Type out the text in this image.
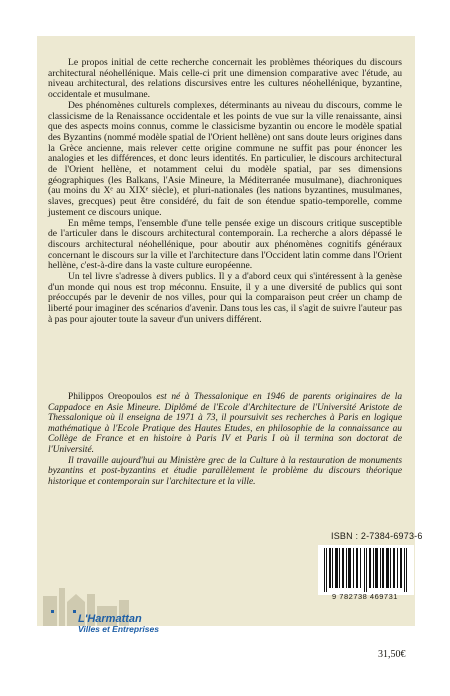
Le propos initial de cette recherche concernait les problèmes théoriques du discours architectural néohellénique. Mais celle-ci prit une dimension comparative avec l'étude, au niveau architectural, des relations discursives entre les cultures néohellénique, byzantine, occidentale et musulmane.

Des phénomènes culturels complexes, déterminants au niveau du discours, comme le classicisme de la Renaissance occidentale et les points de vue sur la ville renaissante, ainsi que des aspects moins connus, comme le classicisme byzantin ou encore le modèle spatial des Byzantins (nommé modèle spatial de l'Orient hellène) ont sans doute leurs origines dans la Grèce ancienne, mais relever cette origine commune ne suffit pas pour énoncer les analogies et les différences, et donc leurs identités. En particulier, le discours architectural de l'Orient hellène, et notamment celui du modèle spatial, par ses dimensions géographiques (les Balkans, l'Asie Mineure, la Méditerranée musulmane), diachroniques (au moins du Xᵉ au XIXᵉ siècle), et pluri-nationales (les nations byzantines, musulmanes, slaves, grecques) peut être considéré, du fait de son étendue spatio-temporelle, comme justement ce discours unique.

En même temps, l'ensemble d'une telle pensée exige un discours critique susceptible de l'articuler dans le discours architectural contemporain. La recherche a alors dépassé le discours architectural néohellénique, pour aboutir aux phénomènes cognitifs généraux concernant le discours sur la ville et l'architecture dans l'Occident latin comme dans l'Orient hellène, c'est-à-dire dans la vaste culture européenne.

Un tel livre s'adresse à divers publics. Il y a d'abord ceux qui s'intéressent à la genèse d'un monde qui nous est trop méconnu. Ensuite, il y a une diversité de publics qui sont préoccupés par le devenir de nos villes, pour qui la comparaison peut créer un champ de liberté pour imaginer des scénarios d'avenir. Dans tous les cas, il s'agit de suivre l'auteur pas à pas pour ajouter toute la saveur d'un univers différent.

Philippos Oreopoulos est né à Thessalonique en 1946 de parents originaires de la Cappadoce en Asie Mineure. Diplômé de l'Ecole d'Architecture de l'Université Aristote de Thessalonique où il enseigna de 1971 à 73, il poursuivit ses recherches à Paris en logique mathématique à l'Ecole Pratique des Hautes Etudes, en philosophie de la connaissance au Collège de France et en histoire à Paris IV et Paris I où il termina son doctorat de l'Université.

Il travaille aujourd'hui au Ministère grec de la Culture à la restauration de monuments byzantins et post-byzantins et étudie parallèlement le problème du discours théorique historique et contemporain sur l'architecture et la ville.

ISBN : 2-7384-6973-6
9 782738 469731
L'Harmattan
Villes et Entreprises
31,50€
